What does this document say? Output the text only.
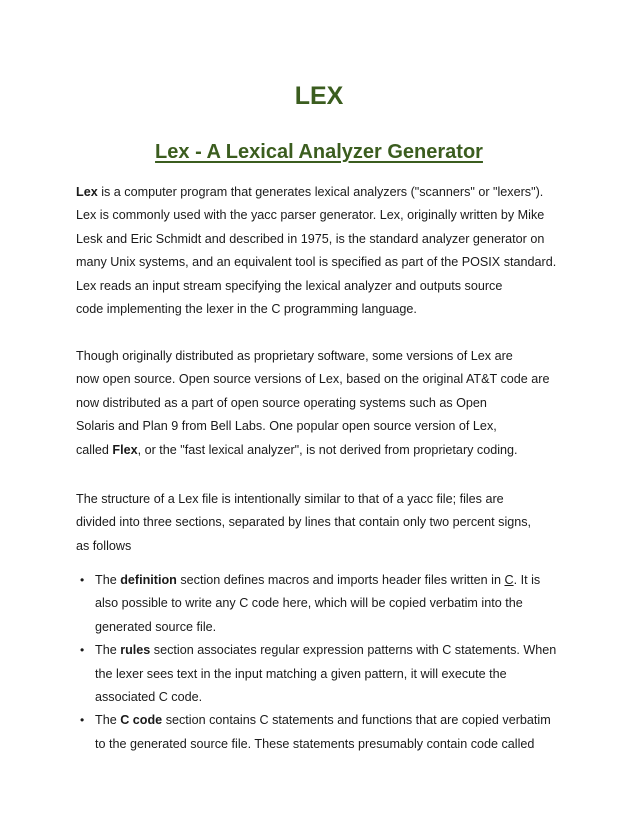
LEX
Lex - A Lexical Analyzer Generator

Lex is a computer program that generates lexical analyzers ("scanners" or "lexers").
Lex is commonly used with the yacc parser generator. Lex, originally written by Mike
Lesk and Eric Schmidt and described in 1975, is the standard analyzer generator on
many Unix systems, and an equivalent tool is specified as part of the POSIX standard.
Lex reads an input stream specifying the lexical analyzer and outputs source
code implementing the lexer in the C programming language.

Though originally distributed as proprietary software, some versions of Lex are
now open source. Open source versions of Lex, based on the original AT&T code are
now distributed as a part of open source operating systems such as Open
Solaris and Plan 9 from Bell Labs. One popular open source version of Lex,
called Flex, or the "fast lexical analyzer", is not derived from proprietary coding.

The structure of a Lex file is intentionally similar to that of a yacc file; files are
divided into three sections, separated by lines that contain only two percent signs,
as follows

• The definition section defines macros and imports header files written in C. It is
also possible to write any C code here, which will be copied verbatim into the
generated source file.
• The rules section associates regular expression patterns with C statements. When
the lexer sees text in the input matching a given pattern, it will execute the
associated C code.
• The C code section contains C statements and functions that are copied verbatim
to the generated source file. These statements presumably contain code called
